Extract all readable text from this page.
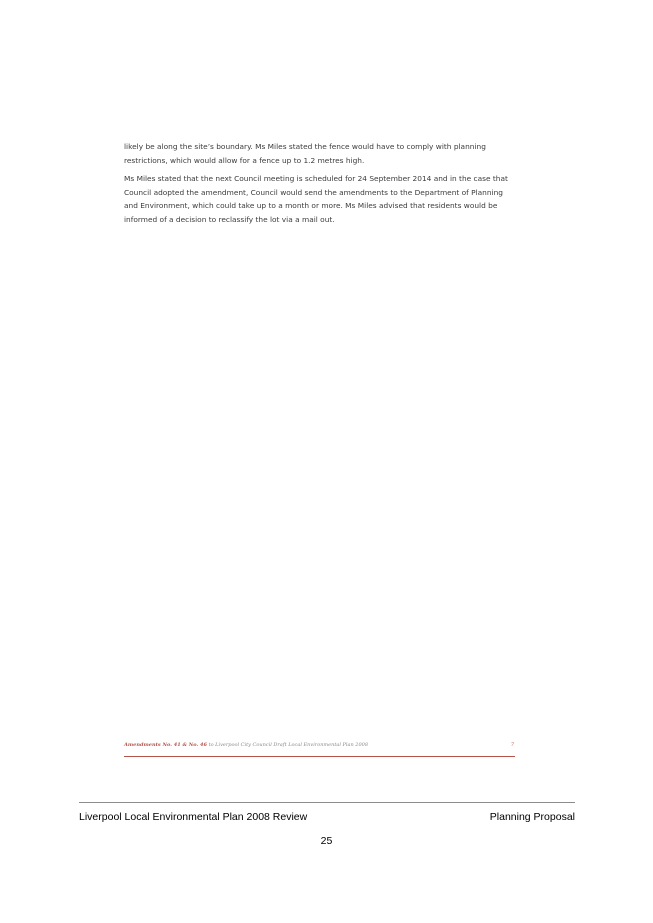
likely be along the site’s boundary. Ms Miles stated the fence would have to comply with planning restrictions, which would allow for a fence up to 1.2 metres high.

Ms Miles stated that the next Council meeting is scheduled for 24 September 2014 and in the case that Council adopted the amendment, Council would send the amendments to the Department of Planning and Environment, which could take up to a month or more. Ms Miles advised that residents would be informed of a decision to reclassify the lot via a mail out.

Amendments No. 41 & No. 46 to Liverpool City Council Draft Local Environmental Plan 2008	7
Liverpool Local Environmental Plan 2008 Review	Planning Proposal
25
